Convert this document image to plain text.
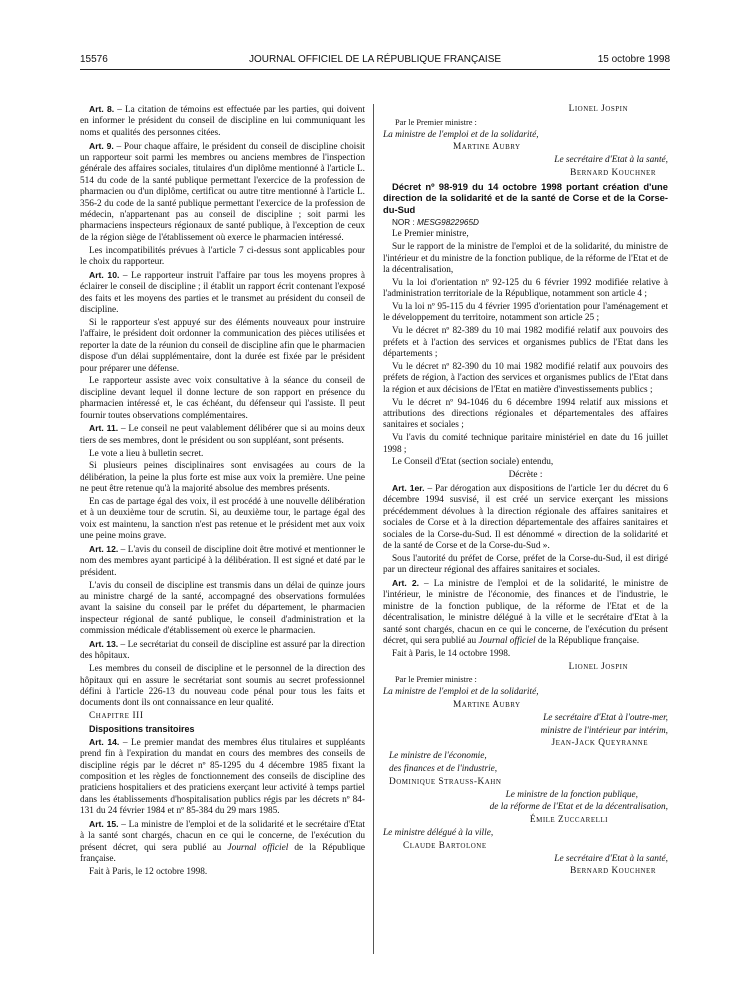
15576	JOURNAL OFFICIEL DE LA RÉPUBLIQUE FRANÇAISE	15 octobre 1998

Art. 8. – La citation de témoins est effectuée par les parties, qui doivent en informer le président du conseil de discipline en lui communiquant les noms et qualités des personnes citées.

Art. 9. – Pour chaque affaire, le président du conseil de discipline choisit un rapporteur soit parmi les membres ou anciens membres de l'inspection générale des affaires sociales, titulaires d'un diplôme mentionné à l'article L. 514 du code de la santé publique permettant l'exercice de la profession de pharmacien ou d'un diplôme, certificat ou autre titre mentionné à l'article L. 356-2 du code de la santé publique permettant l'exercice de la profession de médecin, n'appartenant pas au conseil de discipline ; soit parmi les pharmaciens inspecteurs régionaux de santé publique, à l'exception de ceux de la région siège de l'établissement où exerce le pharmacien intéressé.

Les incompatibilités prévues à l'article 7 ci-dessus sont applicables pour le choix du rapporteur.

Art. 10. – Le rapporteur instruit l'affaire par tous les moyens propres à éclairer le conseil de discipline ; il établit un rapport écrit contenant l'exposé des faits et les moyens des parties et le transmet au président du conseil de discipline.

Si le rapporteur s'est appuyé sur des éléments nouveaux pour instruire l'affaire, le président doit ordonner la communication des pièces utilisées et reporter la date de la réunion du conseil de discipline afin que le pharmacien dispose d'un délai supplémentaire, dont la durée est fixée par le président pour préparer une défense.

Le rapporteur assiste avec voix consultative à la séance du conseil de discipline devant lequel il donne lecture de son rapport en présence du pharmacien intéressé et, le cas échéant, du défenseur qui l'assiste. Il peut fournir toutes observations complémentaires.

Art. 11. – Le conseil ne peut valablement délibérer que si au moins deux tiers de ses membres, dont le président ou son suppléant, sont présents.

Le vote a lieu à bulletin secret.

Si plusieurs peines disciplinaires sont envisagées au cours de la délibération, la peine la plus forte est mise aux voix la première. Une peine ne peut être retenue qu'à la majorité absolue des membres présents.

En cas de partage égal des voix, il est procédé à une nouvelle délibération et à un deuxième tour de scrutin. Si, au deuxième tour, le partage égal des voix est maintenu, la sanction n'est pas retenue et le président met aux voix une peine moins grave.

Art. 12. – L'avis du conseil de discipline doit être motivé et mentionner le nom des membres ayant participé à la délibération. Il est signé et daté par le président.

L'avis du conseil de discipline est transmis dans un délai de quinze jours au ministre chargé de la santé, accompagné des observations formulées avant la saisine du conseil par le préfet du département, le pharmacien inspecteur régional de santé publique, le conseil d'administration et la commission médicale d'établissement où exerce le pharmacien.

Art. 13. – Le secrétariat du conseil de discipline est assuré par la direction des hôpitaux.

Les membres du conseil de discipline et le personnel de la direction des hôpitaux qui en assure le secrétariat sont soumis au secret professionnel défini à l'article 226-13 du nouveau code pénal pour tous les faits et documents dont ils ont connaissance en leur qualité.

Chapitre III

Dispositions transitoires

Art. 14. – Le premier mandat des membres élus titulaires et suppléants prend fin à l'expiration du mandat en cours des membres des conseils de discipline régis par le décret nº 85-1295 du 4 décembre 1985 fixant la composition et les règles de fonctionnement des conseils de discipline des praticiens hospitaliers et des praticiens exerçant leur activité à temps partiel dans les établissements d'hospitalisation publics régis par les décrets nº 84-131 du 24 février 1984 et nº 85-384 du 29 mars 1985.

Art. 15. – La ministre de l'emploi et de la solidarité et le secrétaire d'Etat à la santé sont chargés, chacun en ce qui le concerne, de l'exécution du présent décret, qui sera publié au Journal officiel de la République française.

Fait à Paris, le 12 octobre 1998.

Lionel Jospin

Par le Premier ministre :

La ministre de l'emploi et de la solidarité,

Martine Aubry

Le secrétaire d'Etat à la santé,

Bernard Kouchner

Décret nº 98-919 du 14 octobre 1998 portant création d'une direction de la solidarité et de la santé de Corse et de la Corse-du-Sud

NOR : MESG9822965D

Le Premier ministre,

Sur le rapport de la ministre de l'emploi et de la solidarité, du ministre de l'intérieur et du ministre de la fonction publique, de la réforme de l'Etat et de la décentralisation,

Vu la loi d'orientation nº 92-125 du 6 février 1992 modifiée relative à l'administration territoriale de la République, notamment son article 4 ;

Vu la loi nº 95-115 du 4 février 1995 d'orientation pour l'aménagement et le développement du territoire, notamment son article 25 ;

Vu le décret nº 82-389 du 10 mai 1982 modifié relatif aux pouvoirs des préfets et à l'action des services et organismes publics de l'Etat dans les départements ;

Vu le décret nº 82-390 du 10 mai 1982 modifié relatif aux pouvoirs des préfets de région, à l'action des services et organismes publics de l'Etat dans la région et aux décisions de l'Etat en matière d'investissements publics ;

Vu le décret nº 94-1046 du 6 décembre 1994 relatif aux missions et attributions des directions régionales et départementales des affaires sanitaires et sociales ;

Vu l'avis du comité technique paritaire ministériel en date du 16 juillet 1998 ;

Le Conseil d'Etat (section sociale) entendu,

Décrète :

Art. 1er. – Par dérogation aux dispositions de l'article 1er du décret du 6 décembre 1994 susvisé, il est créé un service exerçant les missions précédemment dévolues à la direction régionale des affaires sanitaires et sociales de Corse et à la direction départementale des affaires sanitaires et sociales de la Corse-du-Sud. Il est dénommé « direction de la solidarité et de la santé de Corse et de la Corse-du-Sud ».

Sous l'autorité du préfet de Corse, préfet de la Corse-du-Sud, il est dirigé par un directeur régional des affaires sanitaires et sociales.

Art. 2. – La ministre de l'emploi et de la solidarité, le ministre de l'intérieur, le ministre de l'économie, des finances et de l'industrie, le ministre de la fonction publique, de la réforme de l'Etat et de la décentralisation, le ministre délégué à la ville et le secrétaire d'Etat à la santé sont chargés, chacun en ce qui le concerne, de l'exécution du présent décret, qui sera publié au Journal officiel de la République française.

Fait à Paris, le 14 octobre 1998.

Lionel Jospin

Par le Premier ministre :

La ministre de l'emploi et de la solidarité,

Martine Aubry

Le secrétaire d'Etat à l'outre-mer,

ministre de l'intérieur par intérim,

Jean-Jack Queyranne

Le ministre de l'économie,

des finances et de l'industrie,

Dominique Strauss-Kahn

Le ministre de la fonction publique,

de la réforme de l'Etat et de la décentralisation,

Émile Zuccarelli

Le ministre délégué à la ville,

Claude Bartolone

Le secrétaire d'Etat à la santé,

Bernard Kouchner
